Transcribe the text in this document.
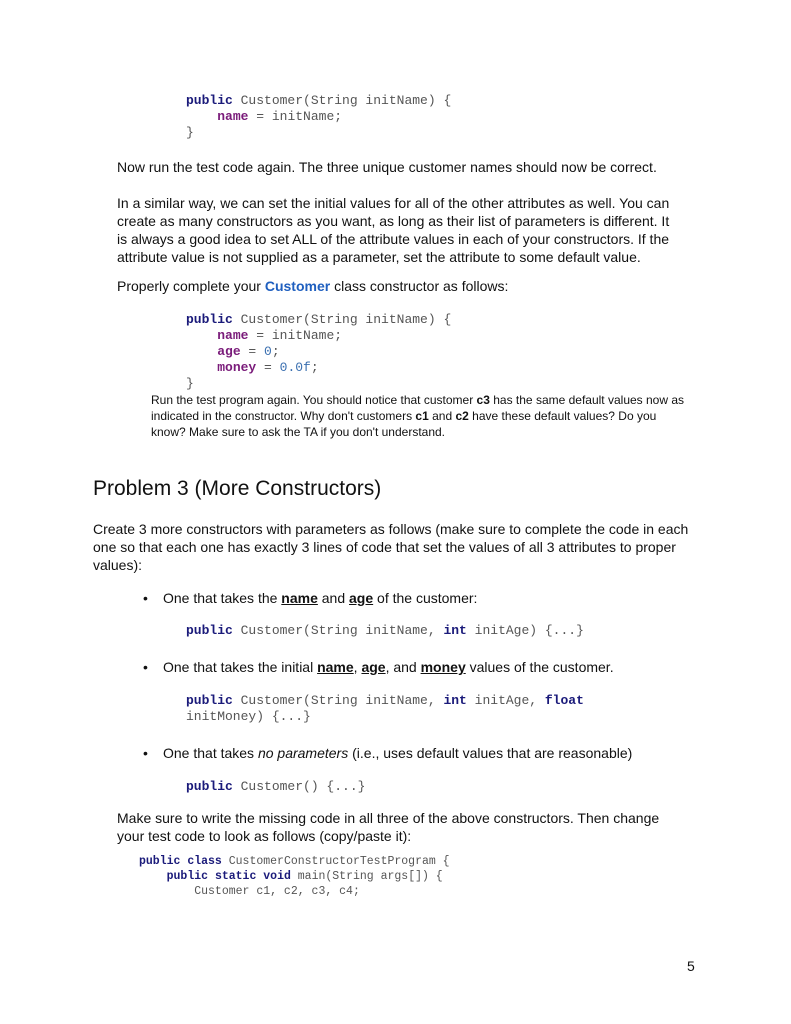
public Customer(String initName) {
name = initName;
}
Now run the test code again. The three unique customer names should now be correct.
In a similar way, we can set the initial values for all of the other attributes as well. You can create as many constructors as you want, as long as their list of parameters is different. It is always a good idea to set ALL of the attribute values in each of your constructors. If the attribute value is not supplied as a parameter, set the attribute to some default value.
Properly complete your Customer class constructor as follows:
public Customer(String initName) {
name = initName;
age = 0;
money = 0.0f;
}
Run the test program again. You should notice that customer c3 has the same default values now as indicated in the constructor. Why don't customers c1 and c2 have these default values? Do you know? Make sure to ask the TA if you don't understand.
Problem 3 (More Constructors)
Create 3 more constructors with parameters as follows (make sure to complete the code in each one so that each one has exactly 3 lines of code that set the values of all 3 attributes to proper values):
• One that takes the name and age of the customer:
public Customer(String initName, int initAge) {...}
• One that takes the initial name, age, and money values of the customer.
public Customer(String initName, int initAge, float
initMoney) {...}
• One that takes no parameters (i.e., uses default values that are reasonable)
public Customer() {...}
Make sure to write the missing code in all three of the above constructors. Then change your test code to look as follows (copy/paste it):
public class CustomerConstructorTestProgram {
public static void main(String args[]) {
Customer c1, c2, c3, c4;
5
